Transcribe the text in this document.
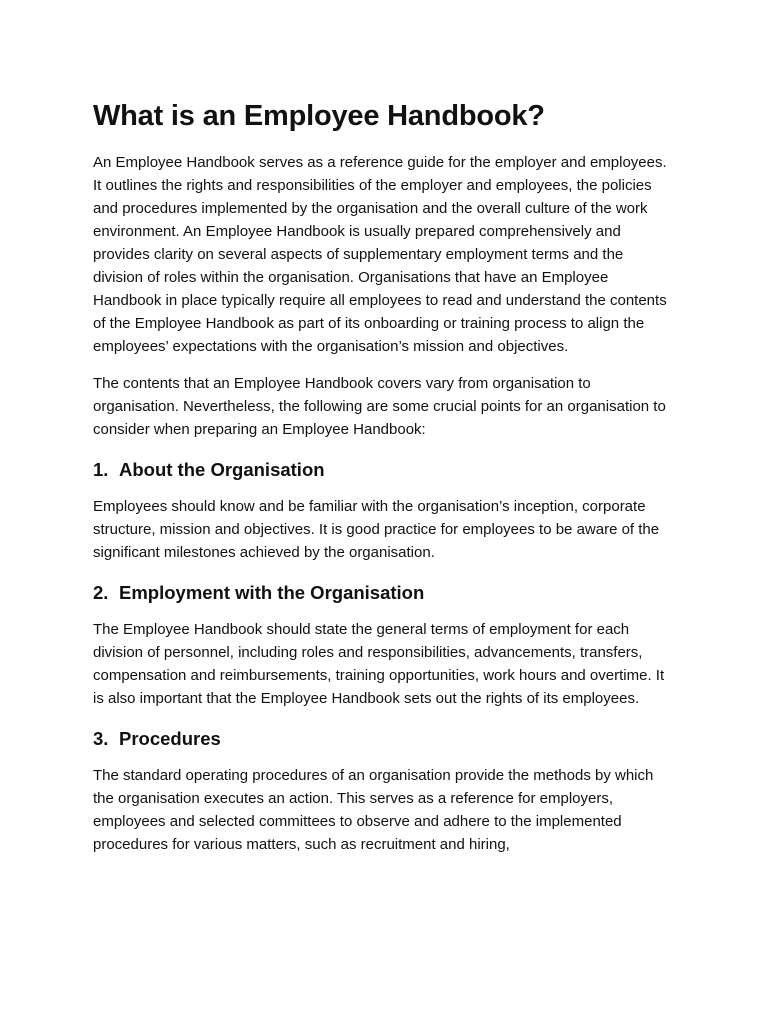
What is an Employee Handbook?

An Employee Handbook serves as a reference guide for the employer and employees. It outlines the rights and responsibilities of the employer and employees, the policies and procedures implemented by the organisation and the overall culture of the work environment. An Employee Handbook is usually prepared comprehensively and provides clarity on several aspects of supplementary employment terms and the division of roles within the organisation. Organisations that have an Employee Handbook in place typically require all employees to read and understand the contents of the Employee Handbook as part of its onboarding or training process to align the employees’ expectations with the organisation’s mission and objectives.

The contents that an Employee Handbook covers vary from organisation to organisation. Nevertheless, the following are some crucial points for an organisation to consider when preparing an Employee Handbook:

1. About the Organisation

Employees should know and be familiar with the organisation’s inception, corporate structure, mission and objectives. It is good practice for employees to be aware of the significant milestones achieved by the organisation.

2. Employment with the Organisation

The Employee Handbook should state the general terms of employment for each division of personnel, including roles and responsibilities, advancements, transfers, compensation and reimbursements, training opportunities, work hours and overtime. It is also important that the Employee Handbook sets out the rights of its employees.

3. Procedures

The standard operating procedures of an organisation provide the methods by which the organisation executes an action. This serves as a reference for employers, employees and selected committees to observe and adhere to the implemented procedures for various matters, such as recruitment and hiring,
